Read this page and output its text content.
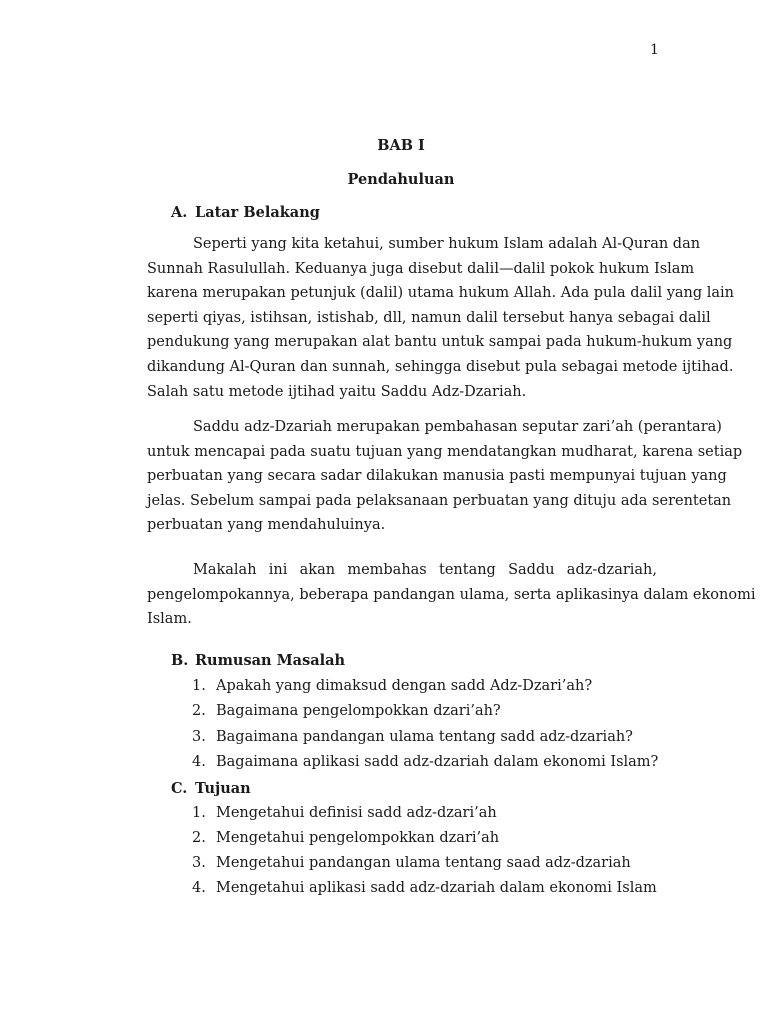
1
BAB I
Pendahuluan
A. Latar Belakang
Seperti yang kita ketahui, sumber hukum Islam adalah Al-Quran dan
Sunnah Rasulullah. Keduanya juga disebut dalil—dalil pokok hukum Islam
karena merupakan petunjuk (dalil) utama hukum Allah. Ada pula dalil yang lain
seperti qiyas, istihsan, istishab, dll, namun dalil tersebut hanya sebagai dalil
pendukung yang merupakan alat bantu untuk sampai pada hukum-hukum yang
dikandung Al-Quran dan sunnah, sehingga disebut pula sebagai metode ijtihad.
Salah satu metode ijtihad yaitu Saddu Adz-Dzariah.
Saddu adz-Dzariah merupakan pembahasan seputar zari’ah (perantara)
untuk mencapai pada suatu tujuan yang mendatangkan mudharat, karena setiap
perbuatan yang secara sadar dilakukan manusia pasti mempunyai tujuan yang
jelas. Sebelum sampai pada pelaksanaan perbuatan yang dituju ada serentetan
perbuatan yang mendahuluinya.
Makalah ini akan membahas tentang Saddu adz-dzariah,
pengelompokannya, beberapa pandangan ulama, serta aplikasinya dalam ekonomi
Islam.
B. Rumusan Masalah
1. Apakah yang dimaksud dengan sadd Adz-Dzari’ah?
2. Bagaimana pengelompokkan dzari’ah?
3. Bagaimana pandangan ulama tentang sadd adz-dzariah?
4. Bagaimana aplikasi sadd adz-dzariah dalam ekonomi Islam?
C. Tujuan
1. Mengetahui definisi sadd adz-dzari’ah
2. Mengetahui pengelompokkan dzari’ah
3. Mengetahui pandangan ulama tentang saad adz-dzariah
4. Mengetahui aplikasi sadd adz-dzariah dalam ekonomi Islam
